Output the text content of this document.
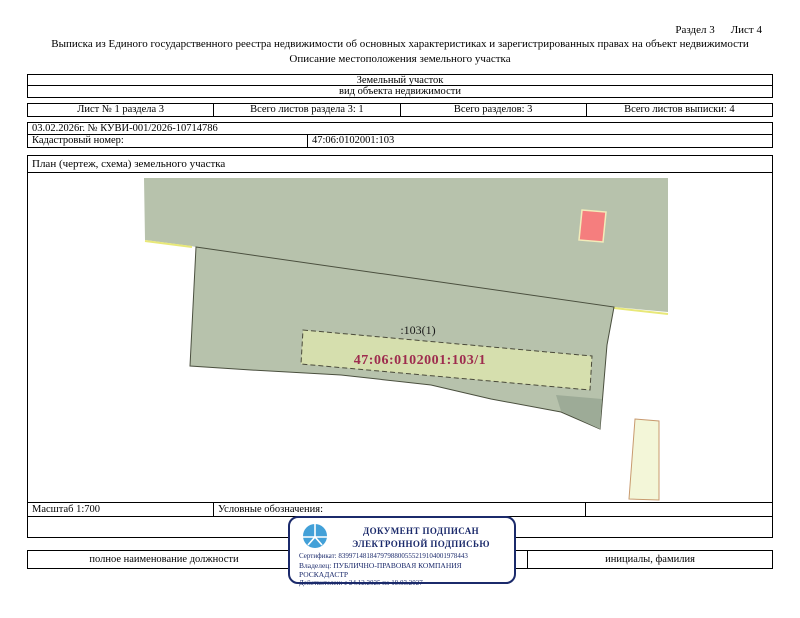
Раздел 3 Лист 4
Выписка из Единого государственного реестра недвижимости об основных характеристиках и зарегистрированных правах на объект недвижимости
Описание местоположения земельного участка
Земельный участок
вид объекта недвижимости
Лист № 1 раздела 3	Всего листов раздела 3: 1	Всего разделов: 3	Всего листов выписки: 4
03.02.2026г. № КУВИ-001/2026-10714786
Кадастровый номер:	47:06:0102001:103
План (чертеж, схема) земельного участка
:103(1)
47:06:0102001:103/1
Масштаб 1:700	Условные обозначения:
полное наименование должности	инициалы, фамилия
ДОКУМЕНТ ПОДПИСАН
ЭЛЕКТРОННОЙ ПОДПИСЬЮ
Сертификат: 8399714818479798800555219104001978443
Владелец: ПУБЛИЧНО-ПРАВОВАЯ КОМПАНИЯ
РОСКАДАСТР
Действителен: с 24.12.2025 по 19.03.2027
